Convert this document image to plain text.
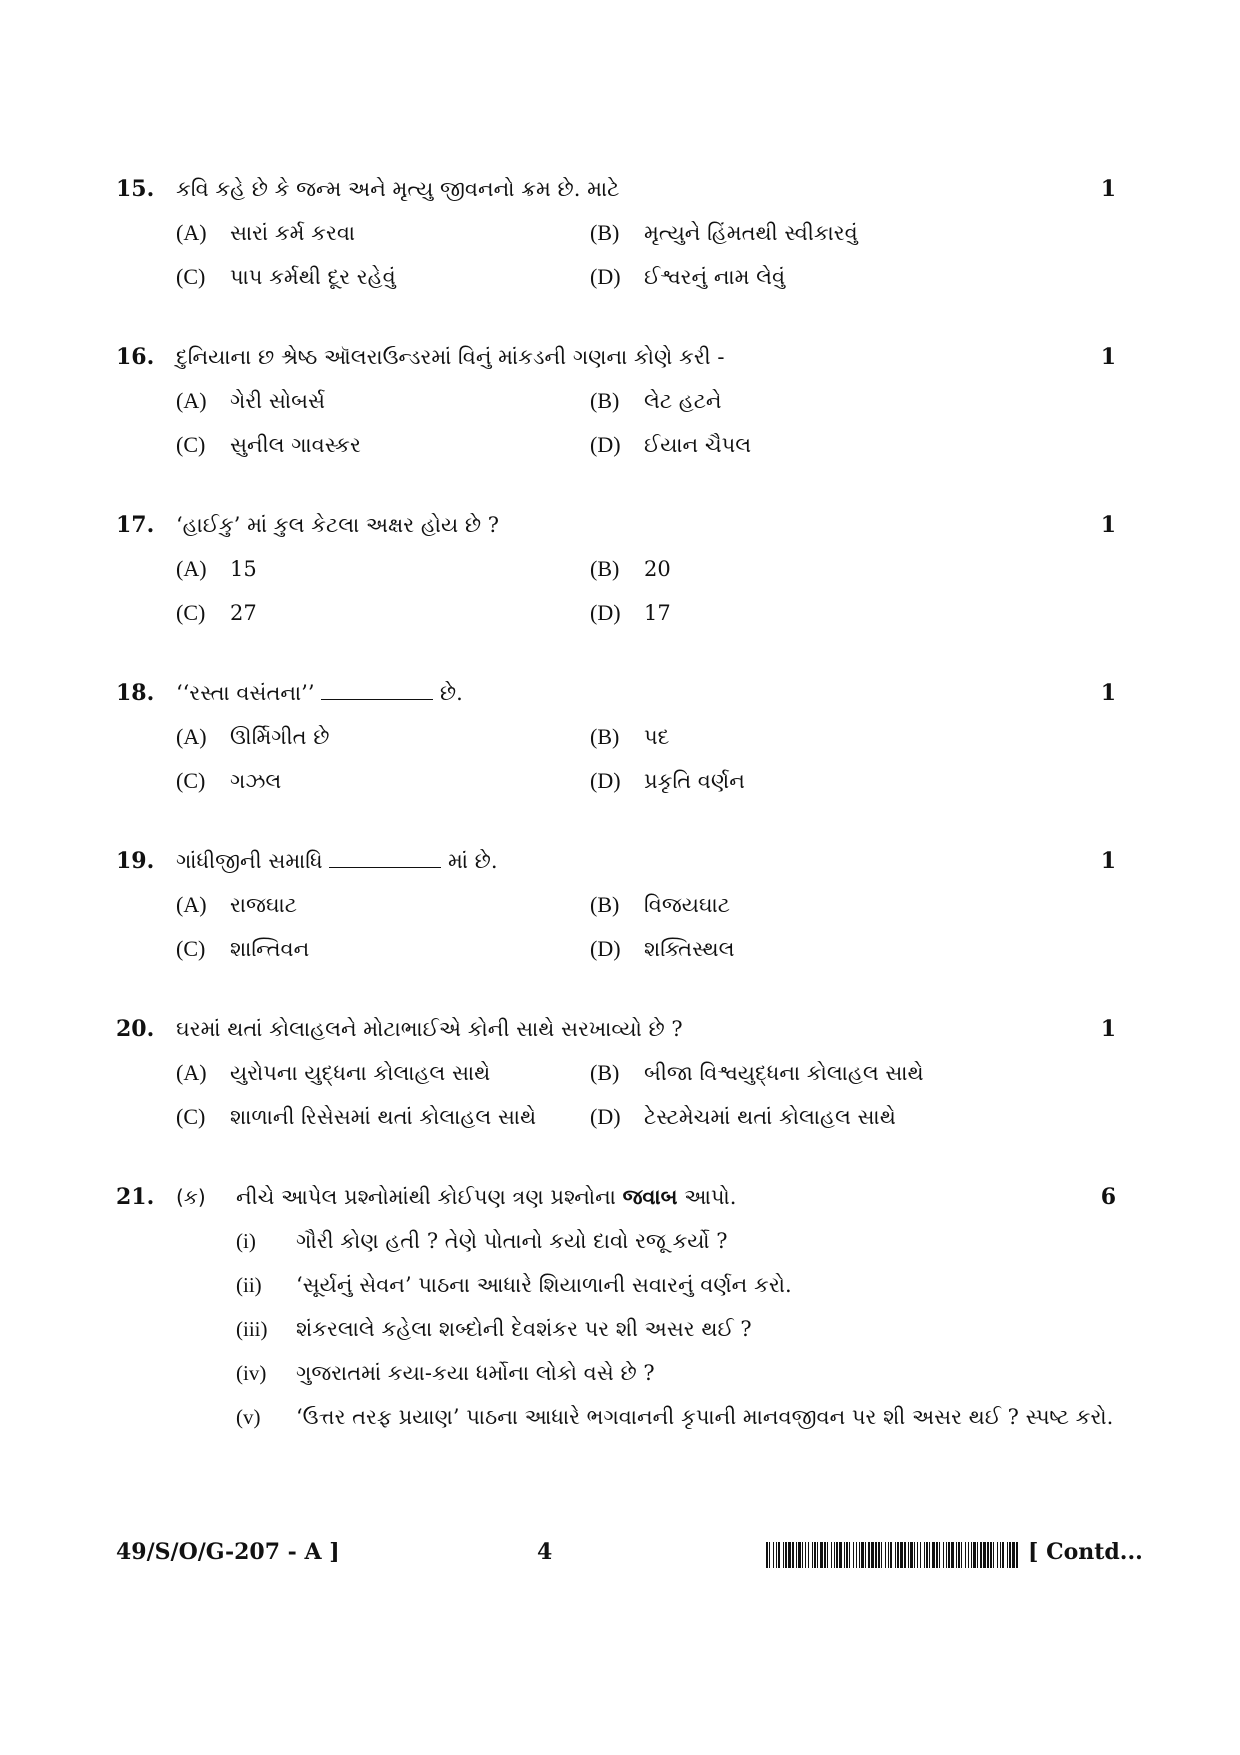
15. કવિ કહે છે કે જન્મ અને મૃત્યુ જીવનનો ક્રમ છે. માટે	1
(A) સારાં કર્મ કરવા	(B) મૃત્યુને હિંમતથી સ્વીકારવું
(C) પાપ કર્મથી દૂર રહેવું	(D) ઈશ્વરનું નામ લેવું
16. દુનિયાના છ શ્રેષ્ઠ ઑલરાઉન્ડરમાં વિનું માંકડની ગણના કોણે કરી -	1
(A) ગેરી સોબર્સ	(B) લેટ હટને
(C) સુનીલ ગાવસ્કર	(D) ઈયાન ચૈપલ
17. ‘હાઈકુ’ માં કુલ કેટલા અક્ષર હોય છે ?	1
(A) 15	(B) 20
(C) 27	(D) 17
18. ‘‘રસ્તા વસંતના’’	છે.	1
(A) ઊર્મિગીત છે	(B) પદ
(C) ગઝલ	(D) પ્રકૃતિ વર્ણન
19. ગાંધીજીની સમાધિ	માં છે.	1
(A) રાજઘાટ	(B) વિજયઘાટ
(C) શાન્તિવન	(D) શક્તિસ્થલ
20. ઘરમાં થતાં કોલાહલને મોટાભાઈએ કોની સાથે સરખાવ્યો છે ?	1
(A) યુરોપના યુદ્ધના કોલાહલ સાથે	(B) બીજા વિશ્વયુદ્ધના કોલાહલ સાથે
(C) શાળાની રિસેસમાં થતાં કોલાહલ સાથે (D) ટેસ્ટમેચમાં થતાં કોલાહલ સાથે
21. (ક) નીચે આપેલ પ્રશ્નોમાંથી કોઈપણ ત્રણ પ્રશ્નોના જવાબ આપો.	6
(i) ગૌરી કોણ હતી ? તેણે પોતાનો કયો દાવો રજૂ કર્યો ?
(ii) ‘સૂર્યનું સેવન’ પાઠના આધારે શિયાળાની સવારનું વર્ણન કરો.
(iii) શંકરલાલે કહેલા શબ્દોની દેવશંકર પર શી અસર થઈ ?
(iv) ગુજરાતમાં કયા-કયા ધર્મોના લોકો વસે છે ?
(v) ‘ઉત્તર તરફ પ્રયાણ’ પાઠના આધારે ભગવાનની કૃપાની માનવજીવન પર શી અસર થઈ ? સ્પષ્ટ કરો.
49/S/O/G-207 - A ]	4	[ Contd...
